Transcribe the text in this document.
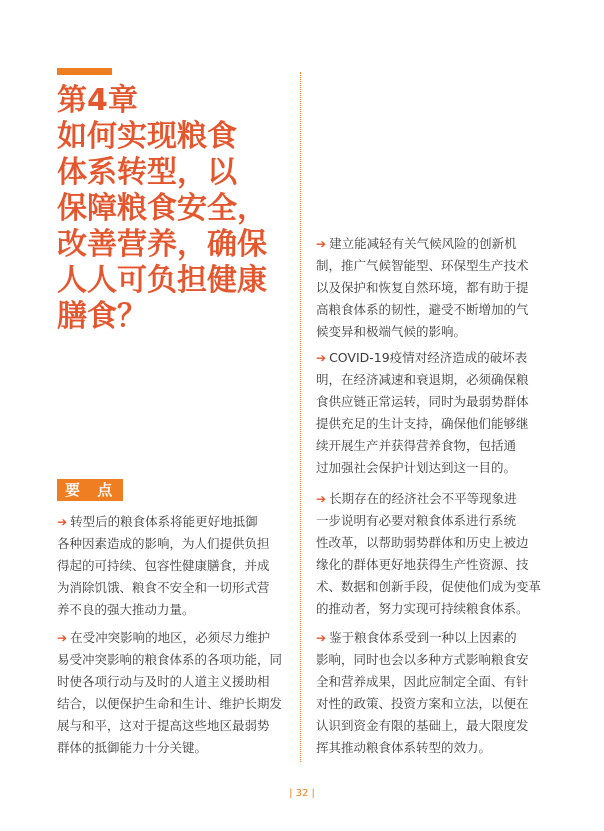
第4章
如何实现粮食
体系转型，以
保障粮食安全，
改善营养，确保
人人可负担健康
膳食？
要 点

➔ 转型后的粮食体系将能更好地抵御
各种因素造成的影响，为人们提供负担
得起的可持续、包容性健康膳食，并成
为消除饥饿、粮食不安全和一切形式营
养不良的强大推动力量。

➔ 在受冲突影响的地区，必须尽力维护
易受冲突影响的粮食体系的各项功能，同
时使各项行动与及时的人道主义援助相
结合，以便保护生命和生计、维护长期发
展与和平，这对于提高这些地区最弱势
群体的抵御能力十分关键。

➔ 建立能减轻有关气候风险的创新机
制，推广气候智能型、环保型生产技术
以及保护和恢复自然环境，都有助于提
高粮食体系的韧性，避受不断增加的气
候变异和极端气候的影响。

➔ COVID-19疫情对经济造成的破坏表
明，在经济减速和衰退期，必须确保粮
食供应链正常运转，同时为最弱势群体
提供充足的生计支持，确保他们能够继
续开展生产并获得营养食物，包括通
过加强社会保护计划达到这一目的。

➔ 长期存在的经济社会不平等现象进
一步说明有必要对粮食体系进行系统
性改革，以帮助弱势群体和历史上被边
缘化的群体更好地获得生产性资源、技
术、数据和创新手段，促使他们成为变革
的推动者，努力实现可持续粮食体系。

➔ 鉴于粮食体系受到一种以上因素的
影响，同时也会以多种方式影响粮食安
全和营养成果，因此应制定全面、有针
对性的政策、投资方案和立法，以便在
认识到资金有限的基础上，最大限度发
挥其推动粮食体系转型的效力。

| 32 |
